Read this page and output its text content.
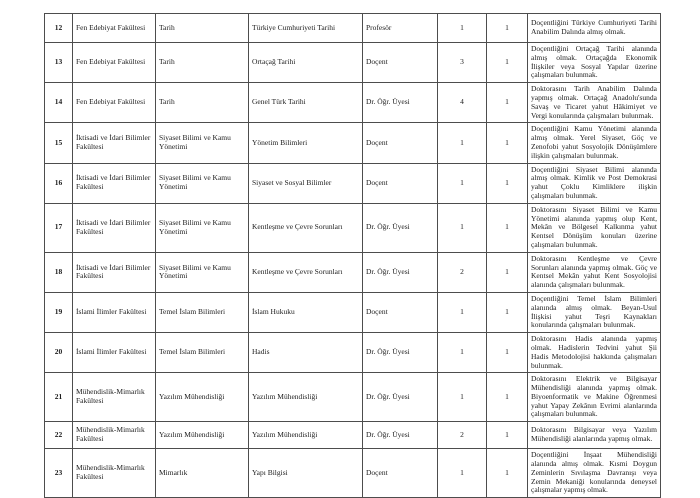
12	Fen Edebiyat Fakültesi	Tarih	Türkiye Cumhuriyeti Tarihi	Profesör	1	1	Doçentliğini Türkiye Cumhuriyeti Tarihi Anabilim Dalında almış olmak.
13	Fen Edebiyat Fakültesi	Tarih	Ortaçağ Tarihi	Doçent	3	1	Doçentliğini Ortaçağ Tarihi alanında almış olmak. Ortaçağda Ekonomik İlişkiler veya Sosyal Yapılar üzerine çalışmaları bulunmak.
14	Fen Edebiyat Fakültesi	Tarih	Genel Türk Tarihi	Dr. Öğr. Üyesi	4	1	Doktorasını Tarih Anabilim Dalında yapmış olmak. Ortaçağ Anadolu'sunda Savaş ve Ticaret yahut Hâkimiyet ve Vergi konularında çalışmaları bulunmak.
15	İktisadi ve İdari Bilimler Fakültesi	Siyaset Bilimi ve Kamu Yönetimi	Yönetim Bilimleri	Doçent	1	1	Doçentliğini Kamu Yönetimi alanında almış olmak. Yerel Siyaset, Göç ve Zenofobi yahut Sosyolojik Dönüşümlere ilişkin çalışmaları bulunmak.
16	İktisadi ve İdari Bilimler Fakültesi	Siyaset Bilimi ve Kamu Yönetimi	Siyaset ve Sosyal Bilimler	Doçent	1	1	Doçentliğini Siyaset Bilimi alanında almış olmak. Kimlik ve Post Demokrasi yahut Çoklu Kimliklere ilişkin çalışmaları bulunmak.
17	İktisadi ve İdari Bilimler Fakültesi	Siyaset Bilimi ve Kamu Yönetimi	Kentleşme ve Çevre Sorunları	Dr. Öğr. Üyesi	1	1	Doktorasını Siyaset Bilimi ve Kamu Yönetimi alanında yapmış olup Kent, Mekân ve Bölgesel Kalkınma yahut Kentsel Dönüşüm konuları üzerine çalışmaları bulunmak.
18	İktisadi ve İdari Bilimler Fakültesi	Siyaset Bilimi ve Kamu Yönetimi	Kentleşme ve Çevre Sorunları	Dr. Öğr. Üyesi	2	1	Doktorasını Kentleşme ve Çevre Sorunları alanında yapmış olmak. Göç ve Kentsel Mekân yahut Kent Sosyolojisi alanında çalışmaları bulunmak.
19	İslami İlimler Fakültesi	Temel İslam Bilimleri	İslam Hukuku	Doçent	1	1	Doçentliğini Temel İslam Bilimleri alanında almış olmak. Beyan-Usul İlişkisi yahut Teşri Kaynakları konularında çalışmaları bulunmak.
20	İslami İlimler Fakültesi	Temel İslam Bilimleri	Hadis	Dr. Öğr. Üyesi	1	1	Doktorasını Hadis alanında yapmış olmak. Hadislerin Tedvini yahut Şii Hadis Metodolojisi hakkında çalışmaları bulunmak.
21	Mühendislik-Mimarlık Fakültesi	Yazılım Mühendisliği	Yazılım Mühendisliği	Dr. Öğr. Üyesi	1	1	Doktorasını Elektrik ve Bilgisayar Mühendisliği alanında yapmış olmak. Biyoenformatik ve Makine Öğrenmesi yahut Yapay Zekânın Evrimi alanlarında çalışmaları bulunmak.
22	Mühendislik-Mimarlık Fakültesi	Yazılım Mühendisliği	Yazılım Mühendisliği	Dr. Öğr. Üyesi	2	1	Doktorasını Bilgisayar veya Yazılım Mühendisliği alanlarında yapmış olmak.
23	Mühendislik-Mimarlık Fakültesi	Mimarlık	Yapı Bilgisi	Doçent	1	1	Doçentliğini İnşaat Mühendisliği alanında almış olmak. Kısmi Doygun Zeminlerin Sıvılaşma Davranışı veya Zemin Mekaniği konularında deneysel çalışmalar yapmış olmak.
